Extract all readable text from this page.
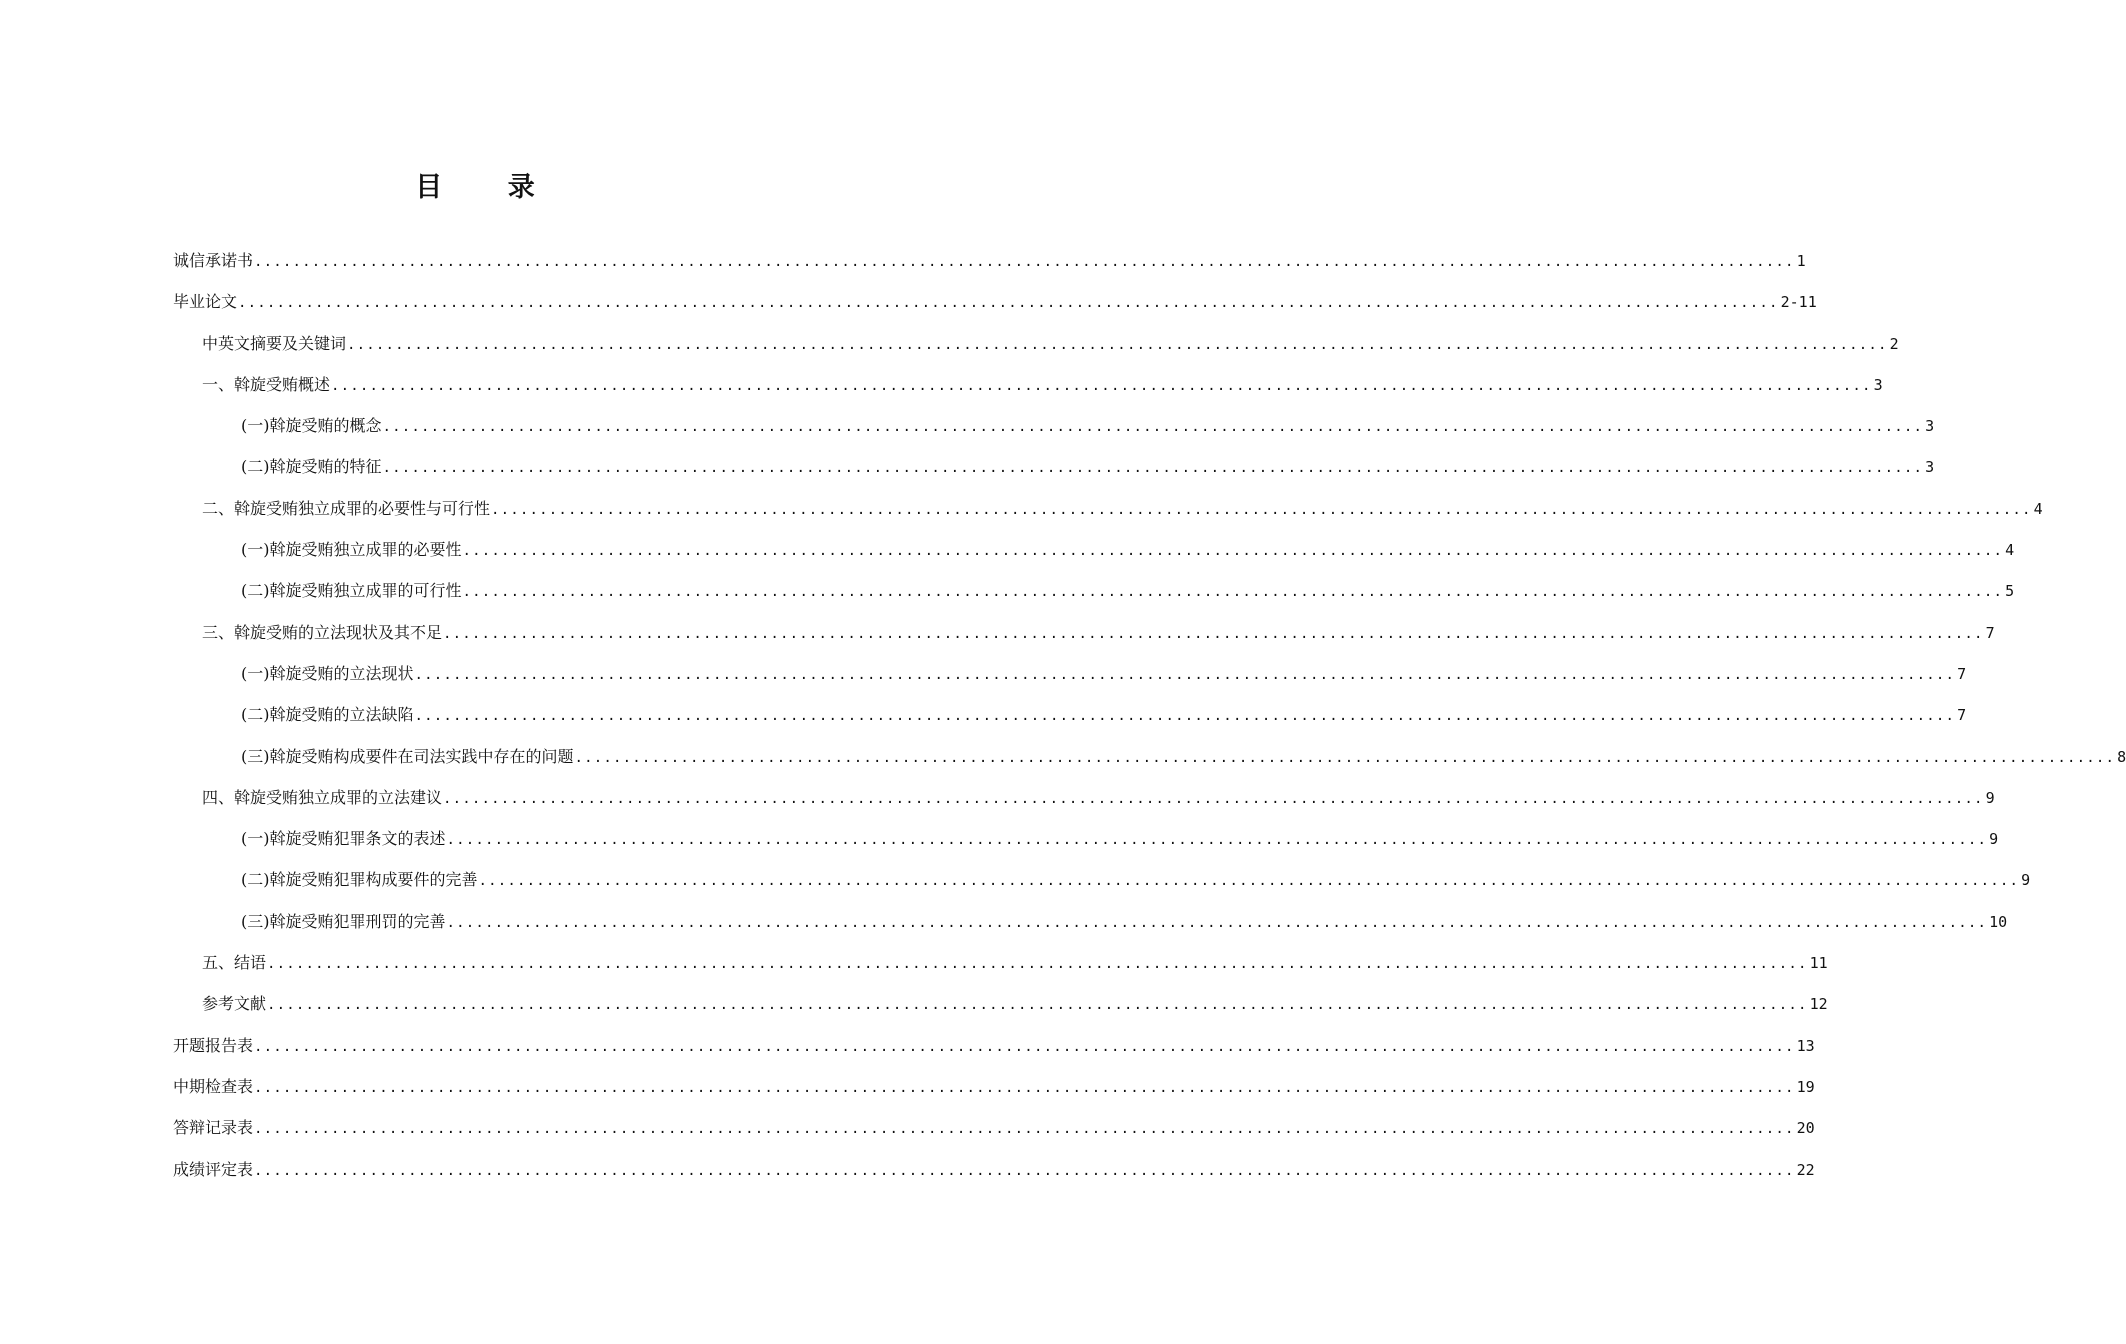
目 录
诚信承诺书 ................................................................................................................................................................ 1
毕业论文 ................................................................................................................................................................ 2-11
中英文摘要及关键词 ................................................................................................................................................................ 2
一、斡旋受贿概述 ................................................................................................................................................................ 3
(一)斡旋受贿的概念 ................................................................................................................................................................ 3
(二)斡旋受贿的特征 ................................................................................................................................................................ 3
二、斡旋受贿独立成罪的必要性与可行性 ................................................................................................................................................................ 4
(一)斡旋受贿独立成罪的必要性 ................................................................................................................................................................ 4
(二)斡旋受贿独立成罪的可行性 ................................................................................................................................................................ 5
三、斡旋受贿的立法现状及其不足 ................................................................................................................................................................ 7
(一)斡旋受贿的立法现状 ................................................................................................................................................................ 7
(二)斡旋受贿的立法缺陷 ................................................................................................................................................................ 7
(三)斡旋受贿构成要件在司法实践中存在的问题 ................................................................................................................................................................ 8
四、斡旋受贿独立成罪的立法建议 ................................................................................................................................................................ 9
(一)斡旋受贿犯罪条文的表述 ................................................................................................................................................................ 9
(二)斡旋受贿犯罪构成要件的完善 ................................................................................................................................................................ 9
(三)斡旋受贿犯罪刑罚的完善 ................................................................................................................................................................ 10
五、结语 ................................................................................................................................................................ 11
参考文献 ................................................................................................................................................................ 12
开题报告表 ................................................................................................................................................................ 13
中期检查表 ................................................................................................................................................................ 19
答辩记录表 ................................................................................................................................................................ 20
成绩评定表 ................................................................................................................................................................ 22
